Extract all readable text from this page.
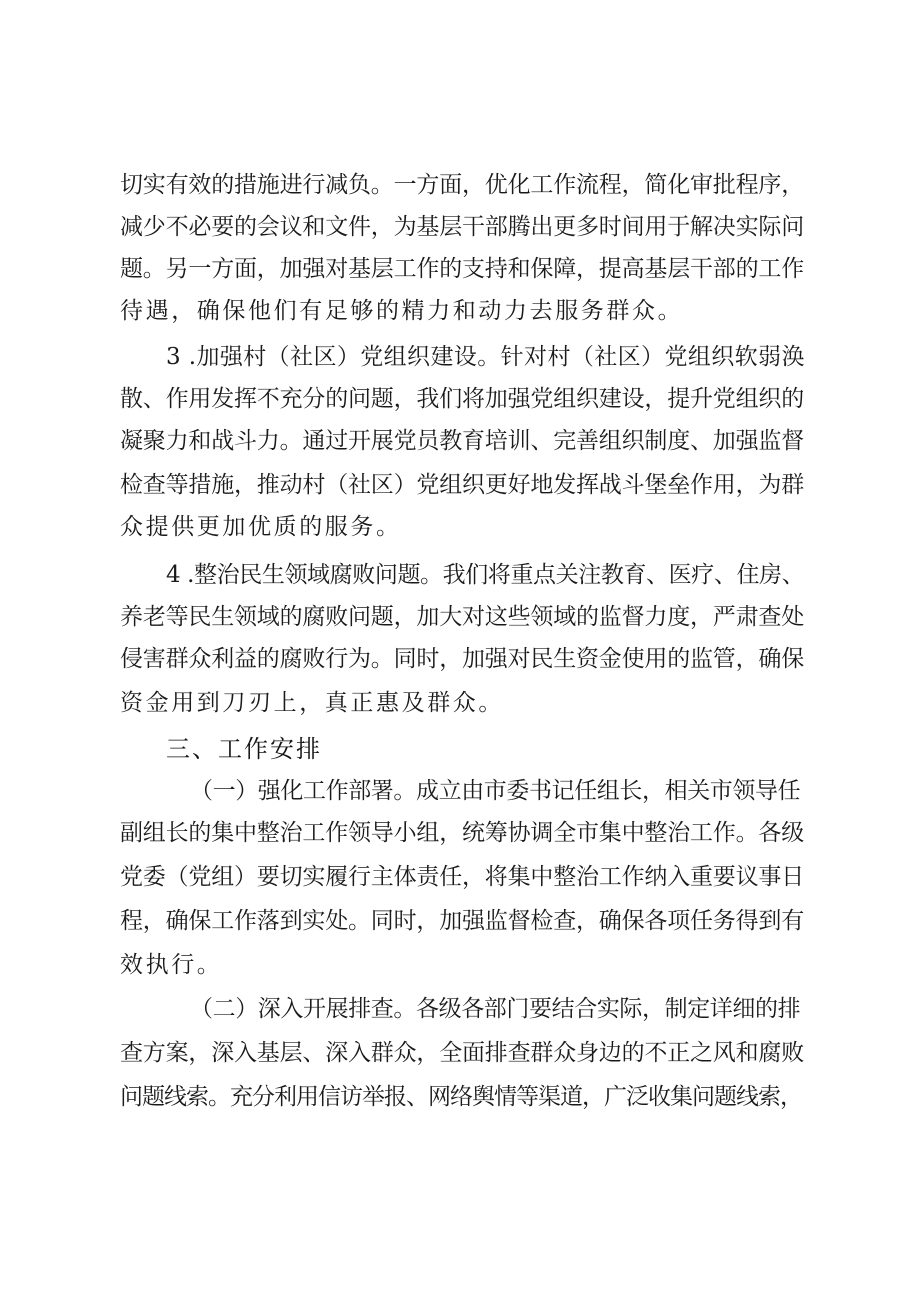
切实有效的措施进行减负。一方面，优化工作流程，简化审批程序，
减少不必要的会议和文件，为基层干部腾出更多时间用于解决实际问
题。另一方面，加强对基层工作的支持和保障，提高基层干部的工作
待遇，确保他们有足够的精力和动力去服务群众。
3 .加强村（社区）党组织建设。针对村（社区）党组织软弱涣
散、作用发挥不充分的问题，我们将加强党组织建设，提升党组织的
凝聚力和战斗力。通过开展党员教育培训、完善组织制度、加强监督
检查等措施，推动村（社区）党组织更好地发挥战斗堡垒作用，为群
众提供更加优质的服务。
4 .整治民生领域腐败问题。我们将重点关注教育、医疗、住房、
养老等民生领域的腐败问题，加大对这些领域的监督力度，严肃查处
侵害群众利益的腐败行为。同时，加强对民生资金使用的监管，确保
资金用到刀刃上，真正惠及群众。
三、工作安排
（一）强化工作部署。成立由市委书记任组长，相关市领导任
副组长的集中整治工作领导小组，统筹协调全市集中整治工作。各级
党委（党组）要切实履行主体责任，将集中整治工作纳入重要议事日
程，确保工作落到实处。同时，加强监督检查，确保各项任务得到有
效执行。
（二）深入开展排查。各级各部门要结合实际，制定详细的排
查方案，深入基层、深入群众，全面排查群众身边的不正之风和腐败
问题线索。充分利用信访举报、网络舆情等渠道，广泛收集问题线索，
